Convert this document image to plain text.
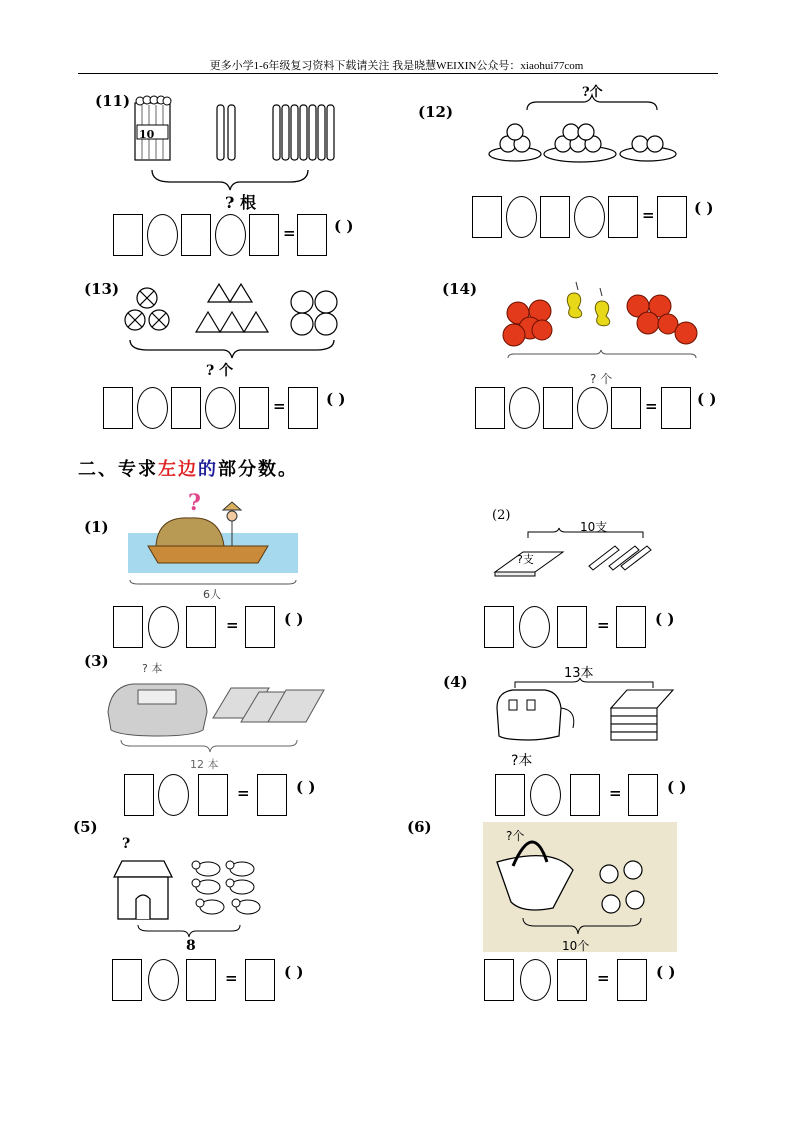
更多小学1-6年级复习资料下载请关注 我是晓慧WEIXIN公众号：xiaohui77com
(11)
10
? 根
=	( )
(12)
?个
=	( )
(13)
? 个
=	( )
(14)
? 个
=	( )
二、专求左边的部分数。
(1)
?
6人
=	( )
(2)
10支
?支
=	( )
(3)	? 本
12 本
=	( )
(4)	13本
?本
=	( )
(5)
?
8
=	( )
(6)	?个
10个
=	( )
